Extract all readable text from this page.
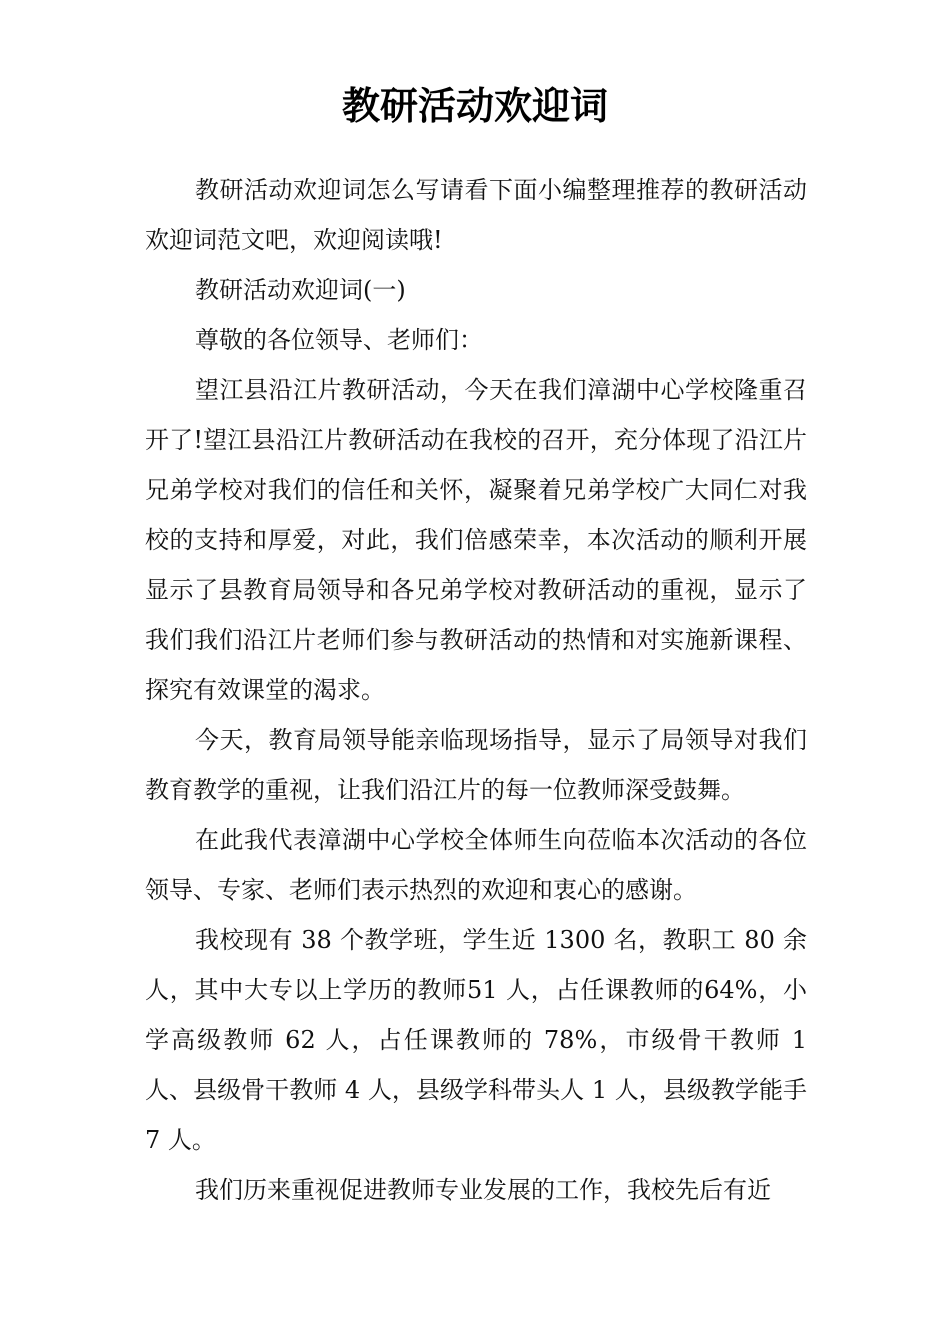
教研活动欢迎词

教研活动欢迎词怎么写请看下面小编整理推荐的教研活动欢迎词范文吧，欢迎阅读哦!

教研活动欢迎词(一)

尊敬的各位领导、老师们：

望江县沿江片教研活动，今天在我们漳湖中心学校隆重召开了!望江县沿江片教研活动在我校的召开，充分体现了沿江片兄弟学校对我们的信任和关怀，凝聚着兄弟学校广大同仁对我校的支持和厚爱，对此，我们倍感荣幸，本次活动的顺利开展显示了县教育局领导和各兄弟学校对教研活动的重视，显示了我们我们沿江片老师们参与教研活动的热情和对实施新课程、探究有效课堂的渴求。

今天，教育局领导能亲临现场指导，显示了局领导对我们教育教学的重视，让我们沿江片的每一位教师深受鼓舞。

在此我代表漳湖中心学校全体师生向莅临本次活动的各位领导、专家、老师们表示热烈的欢迎和衷心的感谢。

我校现有 38 个教学班，学生近 1300 名，教职工 80 余人，其中大专以上学历的教师51 人，占任课教师的64%，小学高级教师 62 人，占任课教师的 78%，市级骨干教师 1 人、县级骨干教师 4 人，县级学科带头人 1 人，县级教学能手 7 人。

我们历来重视促进教师专业发展的工作，我校先后有近
